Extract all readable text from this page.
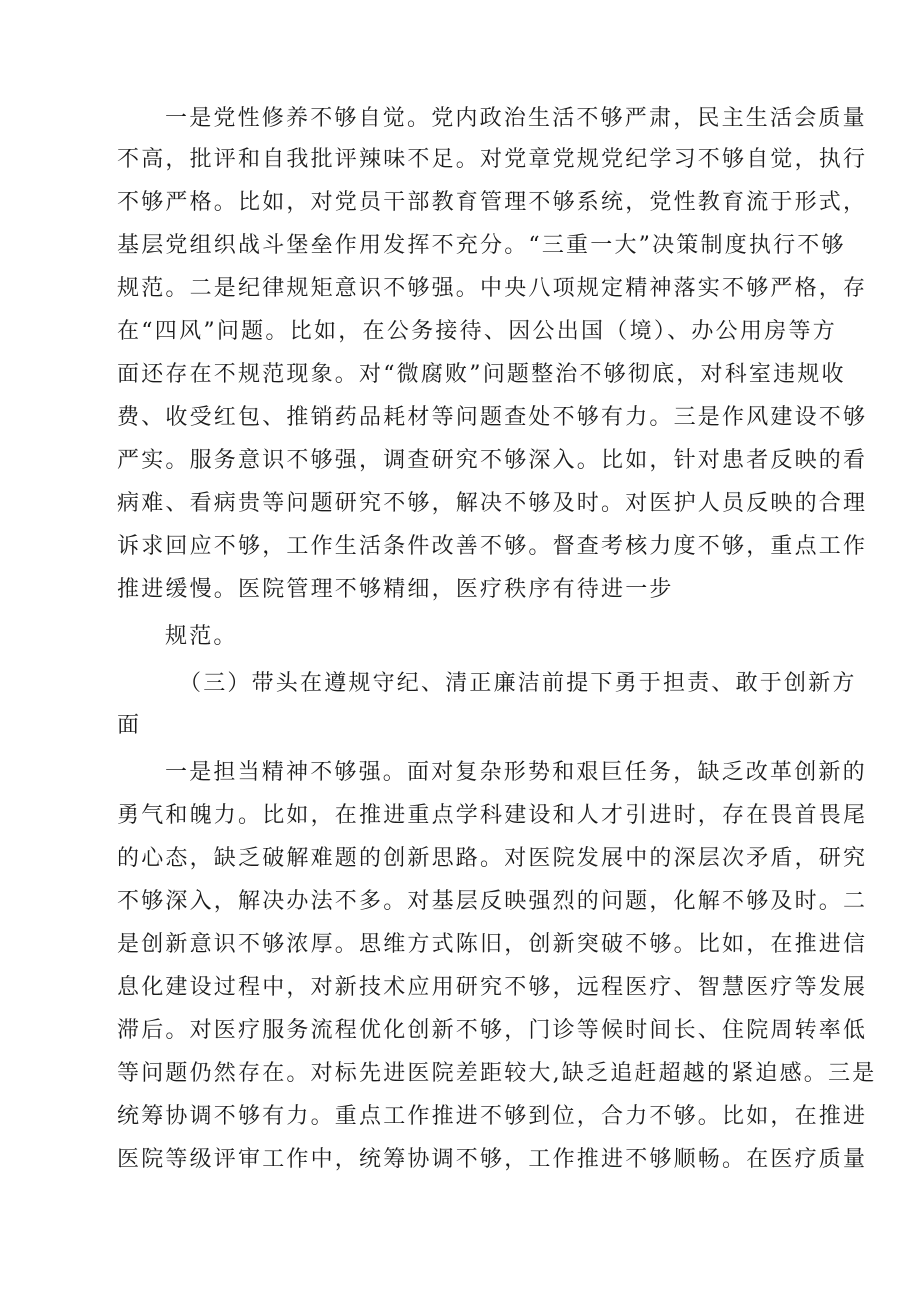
一是党性修养不够自觉。党内政治生活不够严肃，民主生活会质量
不高，批评和自我批评辣味不足。对党章党规党纪学习不够自觉，执行
不够严格。比如，对党员干部教育管理不够系统，党性教育流于形式，
基层党组织战斗堡垒作用发挥不充分。“三重一大”决策制度执行不够
规范。二是纪律规矩意识不够强。中央八项规定精神落实不够严格，存
在“四风”问题。比如，在公务接待、因公出国（境）、办公用房等方
面还存在不规范现象。对“微腐败”问题整治不够彻底，对科室违规收
费、收受红包、推销药品耗材等问题查处不够有力。三是作风建设不够
严实。服务意识不够强，调查研究不够深入。比如，针对患者反映的看
病难、看病贵等问题研究不够，解决不够及时。对医护人员反映的合理
诉求回应不够，工作生活条件改善不够。督查考核力度不够，重点工作
推进缓慢。医院管理不够精细，医疗秩序有待进一步
规范。
（三）带头在遵规守纪、清正廉洁前提下勇于担责、敢于创新方
面
一是担当精神不够强。面对复杂形势和艰巨任务，缺乏改革创新的
勇气和魄力。比如，在推进重点学科建设和人才引进时，存在畏首畏尾
的心态，缺乏破解难题的创新思路。对医院发展中的深层次矛盾，研究
不够深入，解决办法不多。对基层反映强烈的问题，化解不够及时。二
是创新意识不够浓厚。思维方式陈旧，创新突破不够。比如，在推进信
息化建设过程中，对新技术应用研究不够，远程医疗、智慧医疗等发展
滞后。对医疗服务流程优化创新不够，门诊等候时间长、住院周转率低
等问题仍然存在。对标先进医院差距较大,缺乏追赶超越的紧迫感。三是
统筹协调不够有力。重点工作推进不够到位，合力不够。比如，在推进
医院等级评审工作中，统筹协调不够，工作推进不够顺畅。在医疗质量
